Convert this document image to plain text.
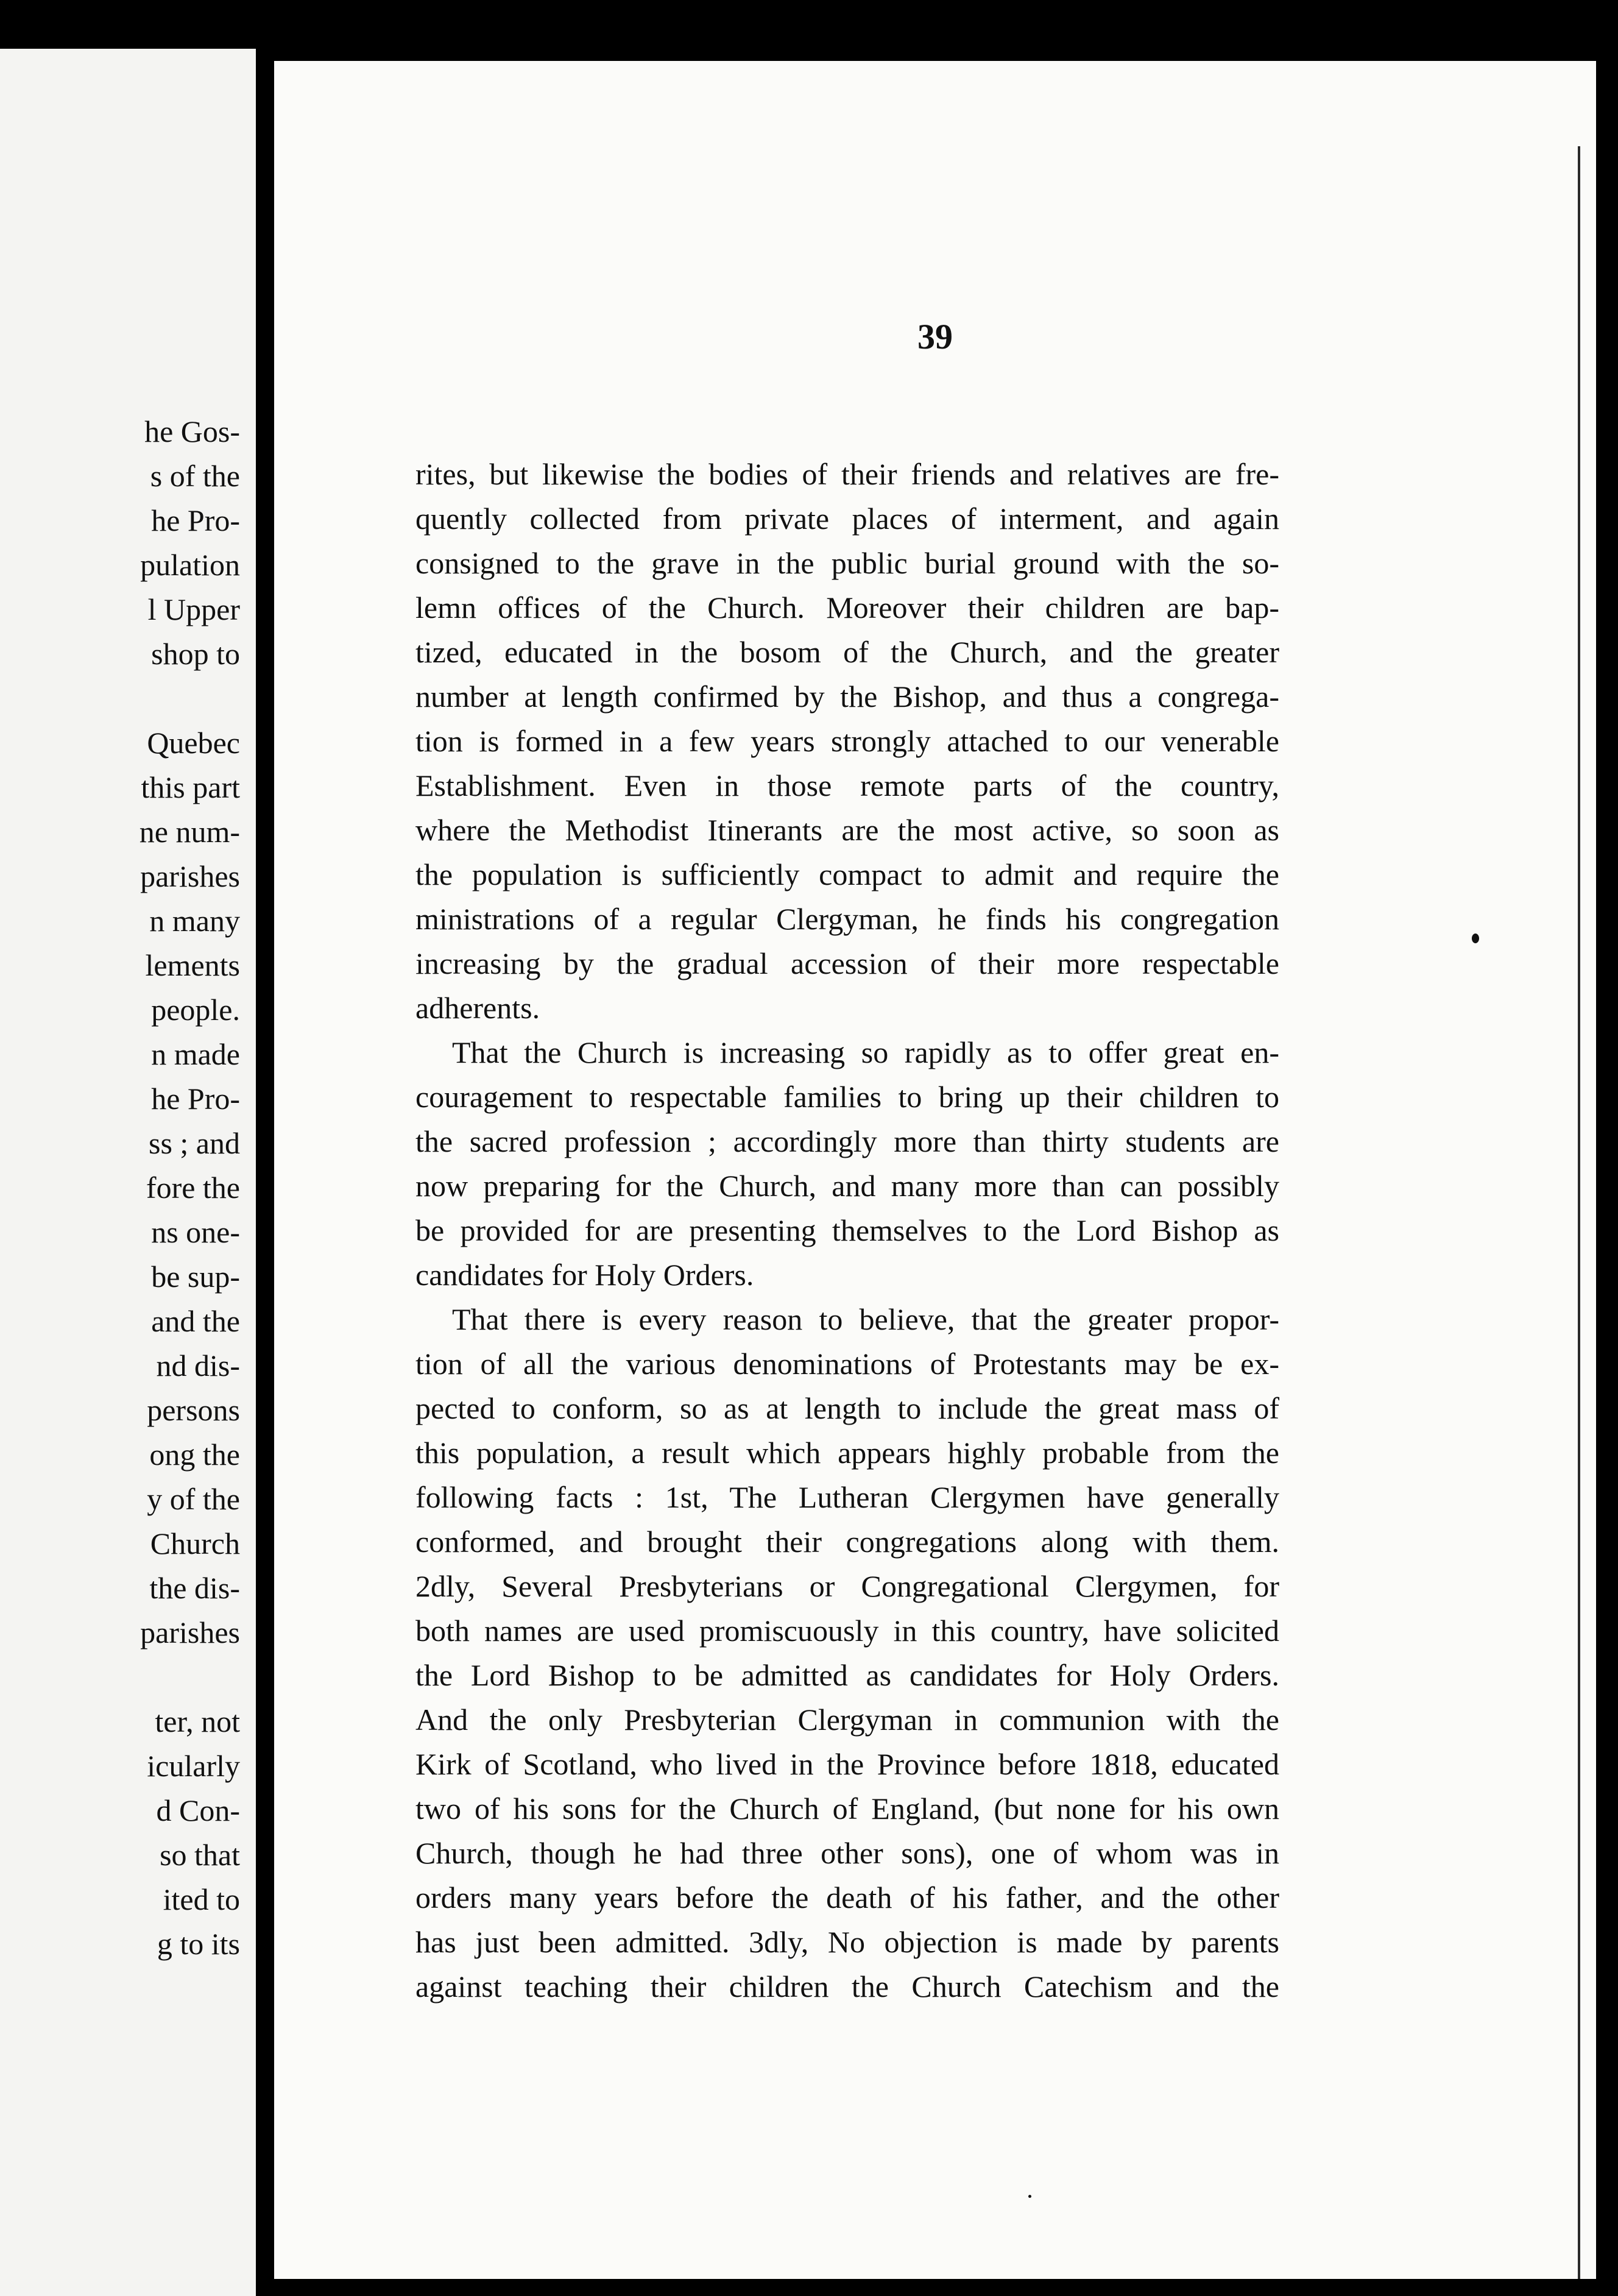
he Gos-
s of the
he Pro-
pulation
l Upper
shop to
Quebec
this part
ne num-
parishes
n many
lements
people.
n made
he Pro-
ss ; and
fore the
ns one-
be sup-
and the
nd dis-
persons
ong the
y of the
Church
the dis-
parishes
ter, not
icularly
d Con-
so that
ited to
g to its
39
rites, but likewise the bodies of their friends and relatives are fre-
quently collected from private places of interment, and again
consigned to the grave in the public burial ground with the so-
lemn offices of the Church. Moreover their children are bap-
tized, educated in the bosom of the Church, and the greater
number at length confirmed by the Bishop, and thus a congrega-
tion is formed in a few years strongly attached to our venerable
Establishment. Even in those remote parts of the country,
where the Methodist Itinerants are the most active, so soon as
the population is sufficiently compact to admit and require the
ministrations of a regular Clergyman, he finds his congregation
increasing by the gradual accession of their more respectable
adherents.
That the Church is increasing so rapidly as to offer great en-
couragement to respectable families to bring up their children to
the sacred profession ; accordingly more than thirty students are
now preparing for the Church, and many more than can possibly
be provided for are presenting themselves to the Lord Bishop as
candidates for Holy Orders.
That there is every reason to believe, that the greater propor-
tion of all the various denominations of Protestants may be ex-
pected to conform, so as at length to include the great mass of
this population, a result which appears highly probable from the
following facts : 1st, The Lutheran Clergymen have generally
conformed, and brought their congregations along with them.
2dly, Several Presbyterians or Congregational Clergymen, for
both names are used promiscuously in this country, have solicited
the Lord Bishop to be admitted as candidates for Holy Orders.
And the only Presbyterian Clergyman in communion with the
Kirk of Scotland, who lived in the Province before 1818, educated
two of his sons for the Church of England, (but none for his own
Church, though he had three other sons), one of whom was in
orders many years before the death of his father, and the other
has just been admitted. 3dly, No objection is made by parents
against teaching their children the Church Catechism and the
